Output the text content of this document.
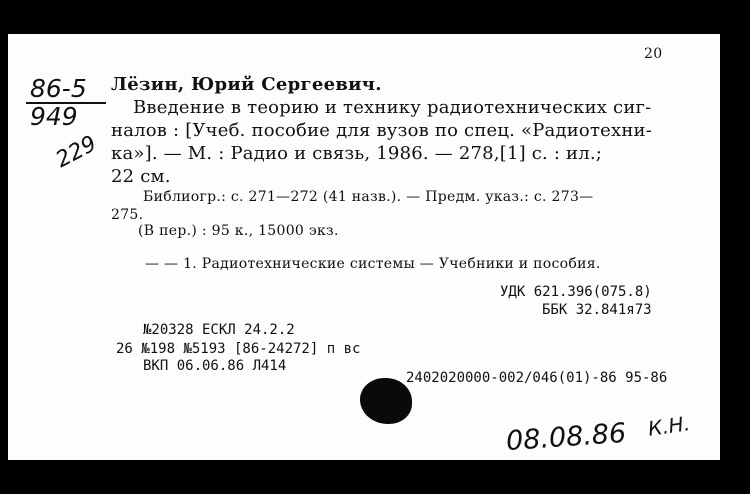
20
86-5
949
229
Лёзин, Юрий Сергеевич.
Введение в теорию и технику радиотехнических сиг-
налов : [Учеб. пособие для вузов по спец. «Радиотехни-
ка»]. — М. : Радио и связь, 1986. — 278,[1] с. : ил.;
22 см.
Библиогр.: с. 271—272 (41 назв.). — Предм. указ.: с. 273—
275.
(В пер.) : 95 к., 15000 экз.
— — 1. Радиотехнические системы — Учебники и пособия.
УДК 621.396(075.8)
ББК 32.841я73
№20328 ЕСКЛ 24.2.2
26 №198 №5193 [86-24272] п вс
ВКП 06.06.86 Л414
2402020000-002/046(01)-86 95-86
08.08.86 К.Н.
